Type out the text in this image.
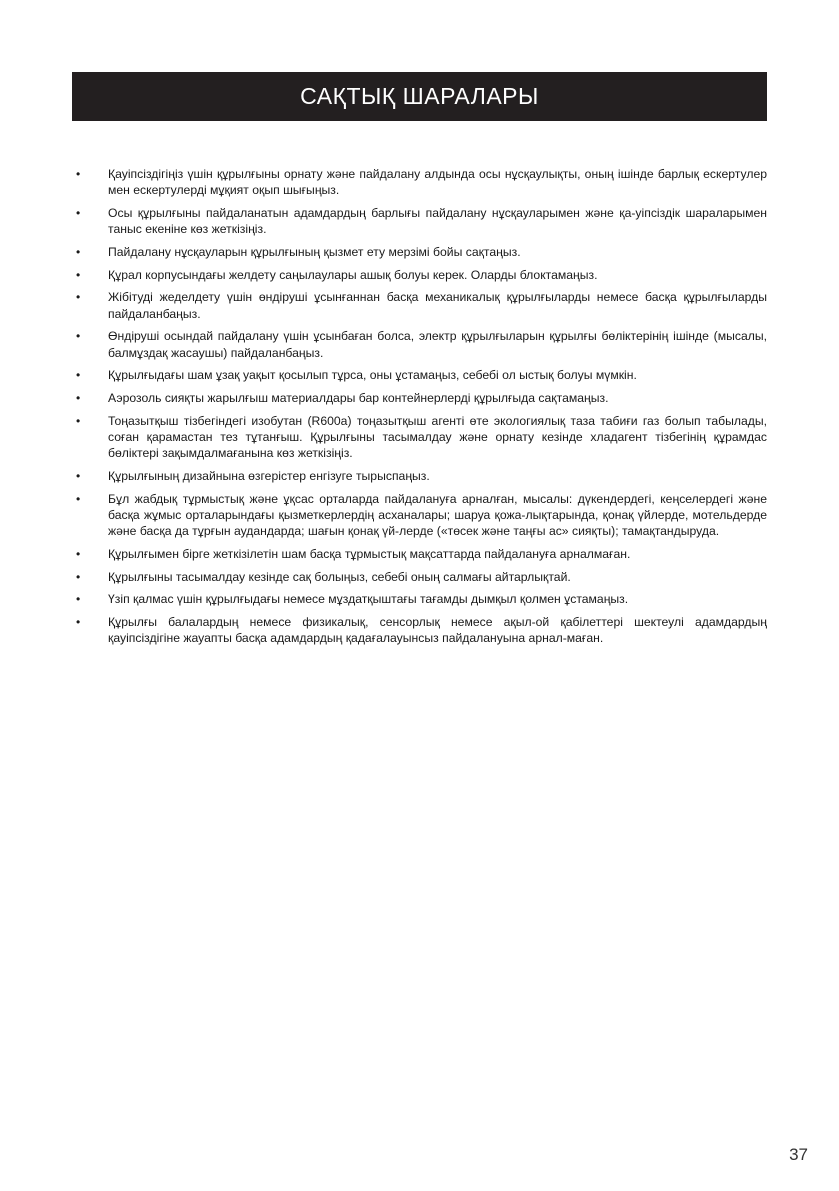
САҚТЫҚ ШАРАЛАРЫ
• Қауіпсіздігіңіз үшін құрылғыны орнату және пайдалану алдында осы нұсқаулықты, оның ішінде барлық ескертулер мен ескертулерді мұқият оқып шығыңыз.
• Осы құрылғыны пайдаланатын адамдардың барлығы пайдалану нұсқауларымен және қа-уіпсіздік шараларымен таныс екеніне көз жеткізіңіз.
• Пайдалану нұсқауларын құрылғының қызмет ету мерзімі бойы сақтаңыз.
• Құрал корпусындағы желдету саңылаулары ашық болуы керек. Оларды блоктамаңыз.
• Жібітуді жеделдету үшін өндіруші ұсынғаннан басқа механикалық құрылғыларды немесе басқа құрылғыларды пайдаланбаңыз.
• Өндіруші осындай пайдалану үшін ұсынбаған болса, электр құрылғыларын құрылғы бөліктерінің ішінде (мысалы, балмұздақ жасаушы) пайдаланбаңыз.
• Құрылғыдағы шам ұзақ уақыт қосылып тұрса, оны ұстамаңыз, себебі ол ыстық болуы мүмкін.
• Аэрозоль сияқты жарылғыш материалдары бар контейнерлерді құрылғыда сақтамаңыз.
• Тоңазытқыш тізбегіндегі изобутан (R600a) тоңазытқыш агенті өте экологиялық таза табиғи газ болып табылады, соған қарамастан тез тұтанғыш. Құрылғыны тасымалдау және орнату кезінде хладагент тізбегінің құрамдас бөліктері зақымдалмағанына көз жеткізіңіз.
• Құрылғының дизайнына өзгерістер енгізуге тырыспаңыз.
• Бұл жабдық тұрмыстық және ұқсас орталарда пайдалануға арналған, мысалы: дүкендердегі, кеңселердегі және басқа жұмыс орталарындағы қызметкерлердің асханалары; шаруа қожа-лықтарында, қонақ үйлерде, мотельдерде және басқа да тұрғын аудандарда; шағын қонақ үй-лерде («төсек және таңғы ас» сияқты); тамақтандыруда.
• Құрылғымен бірге жеткізілетін шам басқа тұрмыстық мақсаттарда пайдалануға арналмаған.
• Құрылғыны тасымалдау кезінде сақ болыңыз, себебі оның салмағы айтарлықтай.
• Үзіп қалмас үшін құрылғыдағы немесе мұздатқыштағы тағамды дымқыл қолмен ұстамаңыз.
• Құрылғы балалардың немесе физикалық, сенсорлық немесе ақыл-ой қабілеттері шектеулі адамдардың қауіпсіздігіне жауапты басқа адамдардың қадағалауынсыз пайдалануына арнал-маған.
37
